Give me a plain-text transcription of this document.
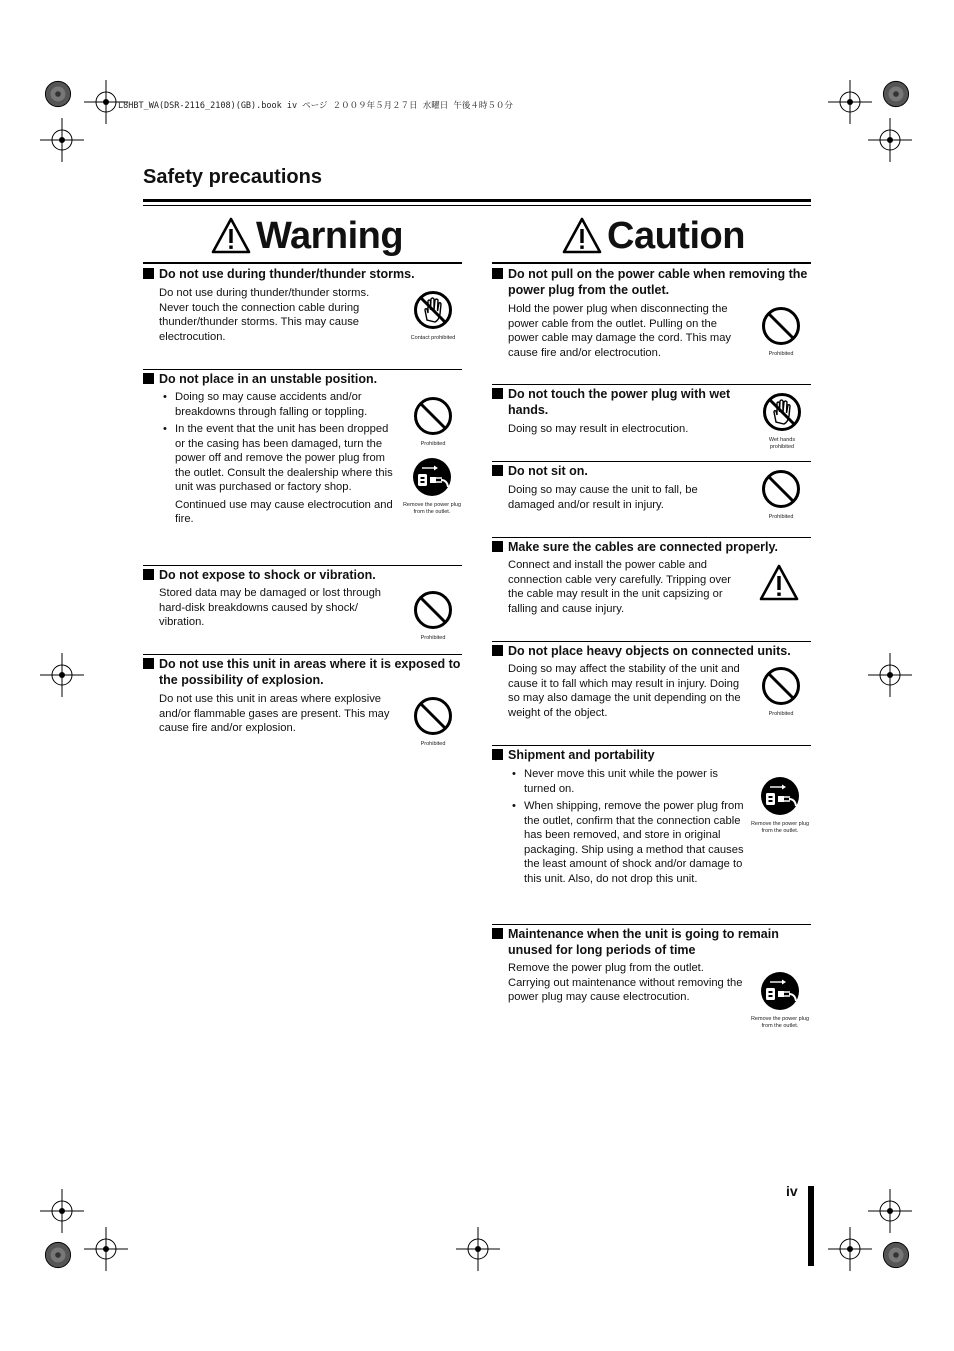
L8HBT_WA(DSR-2116_2108)(GB).book iv ページ ２００９年５月２７日 水曜日 午後４時５０分
Safety precautions
Warning	Caution
Do not use during thunder/thunder storms.
Do not use during thunder/thunder storms. Never touch the connection cable during thunder/thunder storms. This may cause electrocution.	Contact prohibited
Do not place in an unstable position.
• Doing so may cause accidents and/or breakdowns through falling or toppling.
• In the event that the unit has been dropped or the casing has been damaged, turn the power off and remove the power plug from the outlet. Consult the dealership where this unit was purchased or factory shop.
Continued use may cause electrocution and fire.
Prohibited
Remove the power plug from the outlet.
Do not expose to shock or vibration.
Stored data may be damaged or lost through hard-disk breakdowns caused by shock/ vibration.
Prohibited
Do not use this unit in areas where it is exposed to the possibility of explosion.
Do not use this unit in areas where explosive and/or flammable gases are present. This may cause fire and/or explosion.
Prohibited
Do not pull on the power cable when removing the power plug from the outlet.
Hold the power plug when disconnecting the power cable from the outlet. Pulling on the power cable may damage the cord. This may cause fire and/or electrocution.	Prohibited
Do not touch the power plug with wet hands.
Doing so may result in electrocution.
Wet hands prohibited
Do not sit on.
Doing so may cause the unit to fall, be damaged and/or result in injury.
Prohibited
Make sure the cables are connected properly.
Connect and install the power cable and connection cable very carefully. Tripping over the cable may result in the unit capsizing or falling and cause injury.
Do not place heavy objects on connected units.
Doing so may affect the stability of the unit and cause it to fall which may result in injury. Doing so may also damage the unit depending on the weight of the object.	Prohibited
Shipment and portability
• Never move this unit while the power is turned on.
• When shipping, remove the power plug from the outlet, confirm that the connection cable has been removed, and store in original packaging. Ship using a method that causes the least amount of shock and/or damage to this unit. Also, do not drop this unit.
Remove the power plug from the outlet.
Maintenance when the unit is going to remain unused for long periods of time
Remove the power plug from the outlet. Carrying out maintenance without removing the power plug may cause electrocution.
Remove the power plug from the outlet.
iv
